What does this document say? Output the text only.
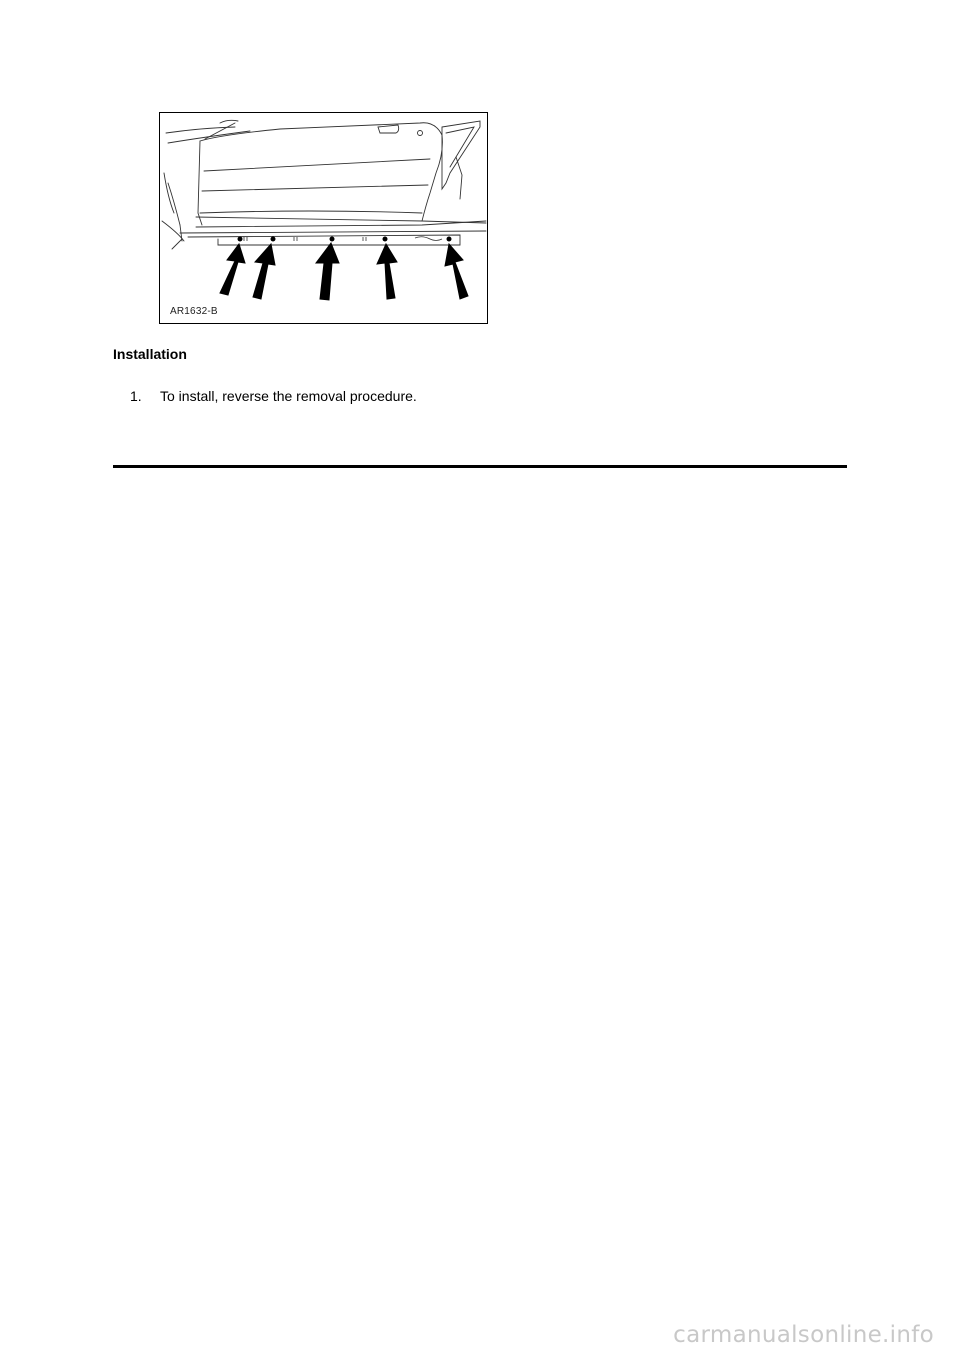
AR1632-B
Installation
1.	To install, reverse the removal procedure.
carmanualsonline.info
